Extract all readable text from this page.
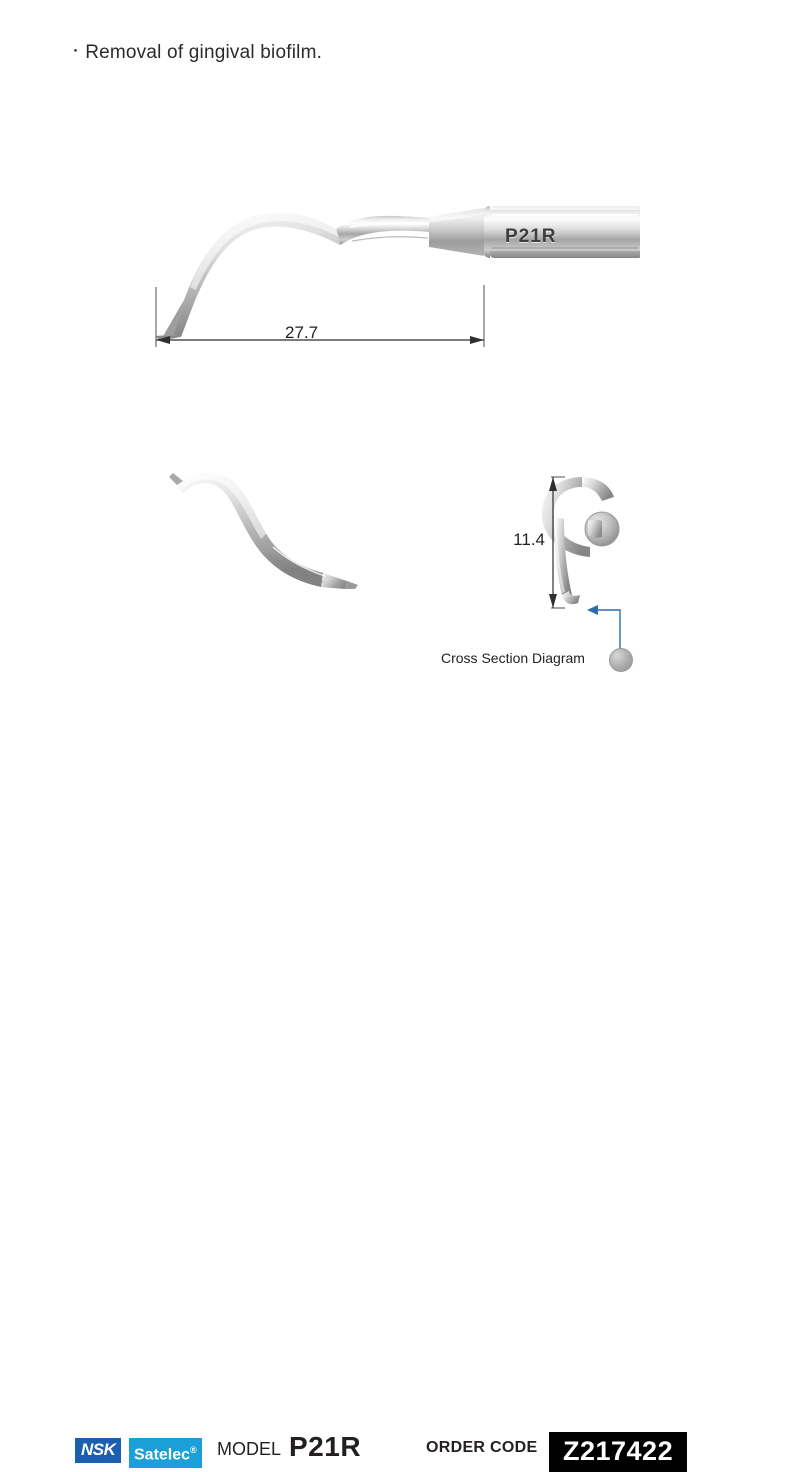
・ Removal of gingival biofilm.
P21R
27.7
11.4
Cross Section Diagram
NSK	Satelec® MODEL P21R	ORDER CODE Z217422
